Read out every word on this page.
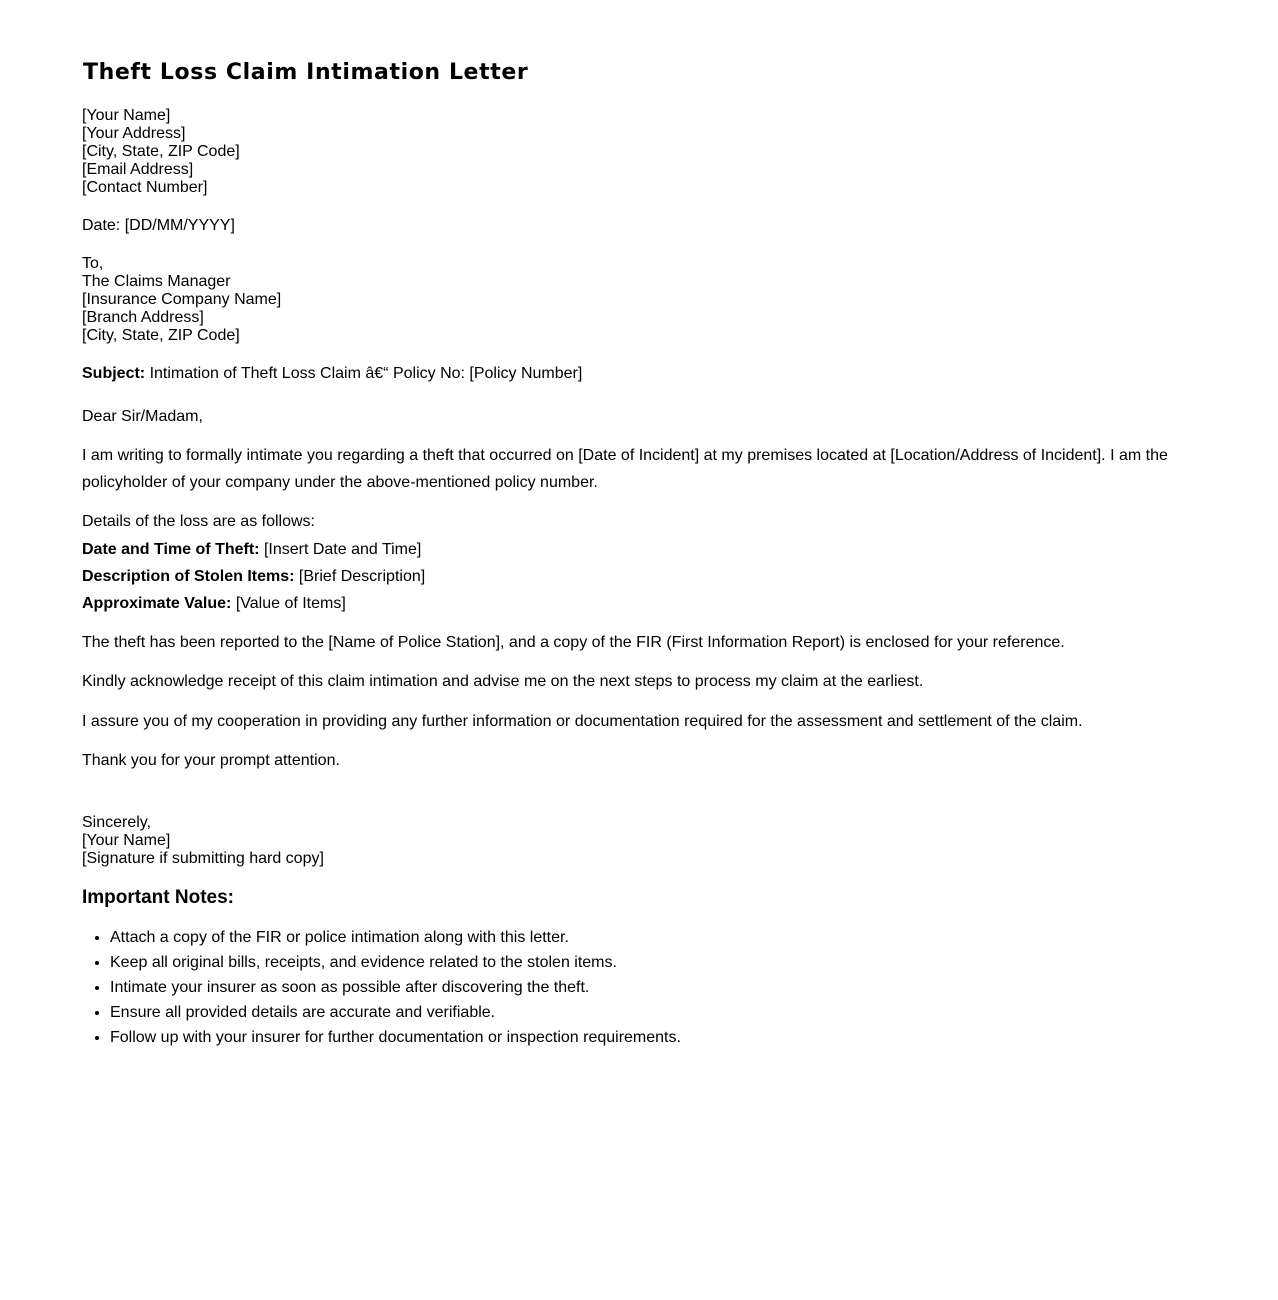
Theft Loss Claim Intimation Letter
[Your Name]
[Your Address]
[City, State, ZIP Code]
[Email Address]
[Contact Number]
Date: [DD/MM/YYYY]
To,
The Claims Manager
[Insurance Company Name]
[Branch Address]
[City, State, ZIP Code]
Subject: Intimation of Theft Loss Claim â€“ Policy No: [Policy Number]
Dear Sir/Madam,
I am writing to formally intimate you regarding a theft that occurred on [Date of Incident] at my premises located at [Location/Address of Incident]. I am the policyholder of your company under the above-mentioned policy number.
Details of the loss are as follows:
Date and Time of Theft: [Insert Date and Time]
Description of Stolen Items: [Brief Description]
Approximate Value: [Value of Items]
The theft has been reported to the [Name of Police Station], and a copy of the FIR (First Information Report) is enclosed for your reference.
Kindly acknowledge receipt of this claim intimation and advise me on the next steps to process my claim at the earliest.
I assure you of my cooperation in providing any further information or documentation required for the assessment and settlement of the claim.
Thank you for your prompt attention.
Sincerely,
[Your Name]
[Signature if submitting hard copy]
Important Notes:
• Attach a copy of the FIR or police intimation along with this letter.
• Keep all original bills, receipts, and evidence related to the stolen items.
• Intimate your insurer as soon as possible after discovering the theft.
• Ensure all provided details are accurate and verifiable.
• Follow up with your insurer for further documentation or inspection requirements.
